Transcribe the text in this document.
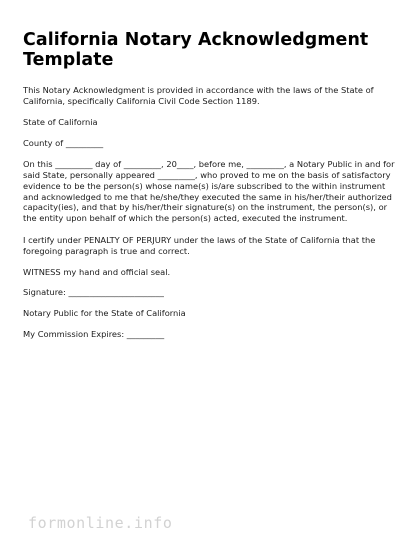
California Notary Acknowledgment Template

This Notary Acknowledgment is provided in accordance with the laws of the State of California, specifically California Civil Code Section 1189.

State of California

County of _________

On this _________ day of _________, 20____, before me, _________, a Notary Public in and for said State, personally appeared _________, who proved to me on the basis of satisfactory evidence to be the person(s) whose name(s) is/are subscribed to the within instrument and acknowledged to me that he/she/they executed the same in his/her/their authorized capacity(ies), and that by his/her/their signature(s) on the instrument, the person(s), or the entity upon behalf of which the person(s) acted, executed the instrument.

I certify under PENALTY OF PERJURY under the laws of the State of California that the foregoing paragraph is true and correct.

WITNESS my hand and official seal.

Signature: _______________________

Notary Public for the State of California

My Commission Expires: _________

formonline.info
